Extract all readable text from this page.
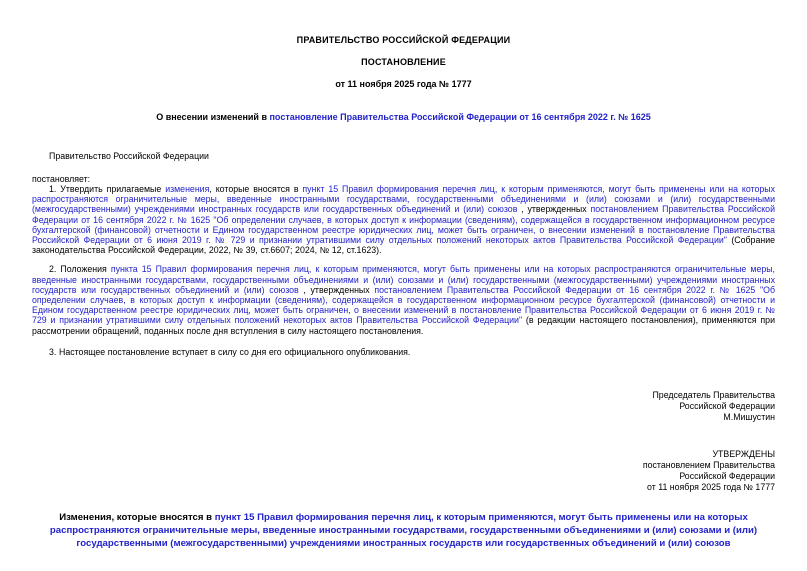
ПРАВИТЕЛЬСТВО РОССИЙСКОЙ ФЕДЕРАЦИИ
ПОСТАНОВЛЕНИЕ
от 11 ноября 2025 года № 1777
О внесении изменений в постановление Правительства Российской Федерации от 16 сентября 2022 г. № 1625
Правительство Российской Федерации
постановляет:
1. Утвердить прилагаемые изменения, которые вносятся в пункт 15 Правил формирования перечня лиц, к которым применяются, могут быть применены или на которых распространяются ограничительные меры, введенные иностранными государствами, государственными объединениями и (или) союзами и (или) государственными (межгосударственными) учреждениями иностранных государств или государственных объединений и (или) союзов , утвержденных постановлением Правительства Российской Федерации от 16 сентября 2022 г. № 1625 "Об определении случаев, в которых доступ к информации (сведениям), содержащейся в государственном информационном ресурсе бухгалтерской (финансовой) отчетности и Едином государственном реестре юридических лиц, может быть ограничен, о внесении изменений в постановление Правительства Российской Федерации от 6 июня 2019 г. № 729 и признании утратившими силу отдельных положений некоторых актов Правительства Российской Федерации" (Собрание законодательства Российской Федерации, 2022, № 39, ст.6607; 2024, № 12, ст.1623).
2. Положения пункта 15 Правил формирования перечня лиц, к которым применяются, могут быть применены или на которых распространяются ограничительные меры, введенные иностранными государствами, государственными объединениями и (или) союзами и (или) государственными (межгосударственными) учреждениями иностранных государств или государственных объединений и (или) союзов , утвержденных постановлением Правительства Российской Федерации от 16 сентября 2022 г. № 1625 "Об определении случаев, в которых доступ к информации (сведениям), содержащейся в государственном информационном ресурсе бухгалтерской (финансовой) отчетности и Едином государственном реестре юридических лиц, может быть ограничен, о внесении изменений в постановление Правительства Российской Федерации от 6 июня 2019 г. № 729 и признании утратившими силу отдельных положений некоторых актов Правительства Российской Федерации" (в редакции настоящего постановления), применяются при рассмотрении обращений, поданных после дня вступления в силу настоящего постановления.
3. Настоящее постановление вступает в силу со дня его официального опубликования.
Председатель Правительства
Российской Федерации
М.Мишустин
УТВЕРЖДЕНЫ
постановлением Правительства
Российской Федерации
от 11 ноября 2025 года № 1777
Изменения, которые вносятся в пункт 15 Правил формирования перечня лиц, к которым применяются, могут быть применены или на которых распространяются ограничительные меры, введенные иностранными государствами, государственными объединениями и (или) союзами и (или) государственными (межгосударственными) учреждениями иностранных государств или государственных объединений и (или) союзов
